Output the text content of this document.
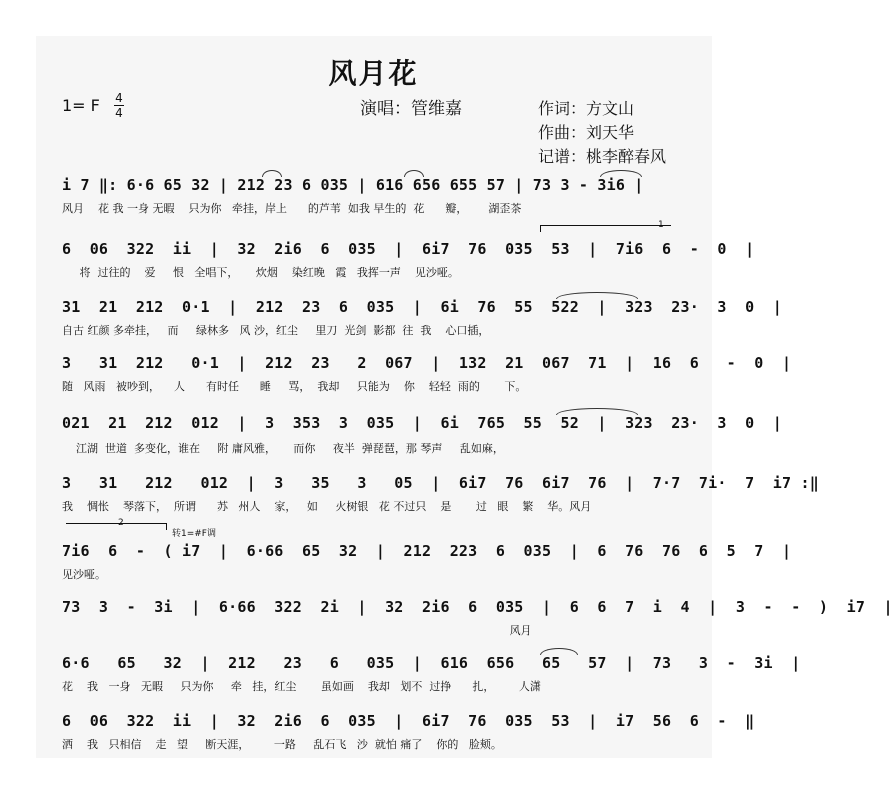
风月花
1= F 4
4	演唱：管维嘉	作词：方文山
作曲：刘天华
记谱：桃李醉春风
i 7 ‖: 6·6 65 32 | 212 23 6 035 | 616 656 655 57 | 73 3 - 3i6 |
风月    花 我 一身 无暇    只为你   牵挂，岸上      的芦苇  如我 早生的  花      瓣，      湖歪茶
1
6  06  322  ii  |  32  2i6  6  035  |  6i7  76  035  53  |  7i6  6  -  0  |
将  过往的    爱     恨   全唱下，     炊烟    染红晚   霞   我挥一声    见沙哑。
31  21  212  0·1  |  212  23  6  035  |  6i  76  55  522  |  323  23·  3  0  |
自古 红颜 多牵挂，   而     绿林多   风 沙，红尘     里刀  光剑  影都  往  我    心口插，
3   31  212   0·1  |  212  23   2  067  |  132  21  067  71  |  16  6   -  0  |
随   风雨   被吵到，    人      有时任      睡     骂，  我却     只能为    你    轻轻  雨的       下。
021  21  212  012  |  3  353  3  035  |  6i  765  55  52  |  323  23·  3  0  |
江湖  世道  多变化，谁在     附 庸风雅，     而你     夜半  弹琵琶，那 琴声     乱如麻，
3   31   212   012  |  3   35   3   05  |  6i7  76  6i7  76  |  7·7  7i·  7  i7 :‖
我    惆怅    琴落下，  所谓      苏   州人    家，   如     火树银   花 不过只    是       过   眼    繁    华。风月
2
转1=#F调
7i6  6  -  ( i7  |  6·66  65  32  |  212  223  6  035  |  6  76  76  6  5  7  |
见沙哑。
73  3  -  3i  |  6·66  322  2i  |  32  2i6  6  035  |  6  6  7  i  4  |  3  -  -  )  i7  |
风月
6·6   65   32  |  212   23   6   035  |  616  656   65   57  |  73   3  -  3i  |
花    我   一身   无暇     只为你     牵   挂，红尘       虽如画    我却   划不  过挣      扎，       人潇
6  06  322  ii  |  32  2i6  6  035  |  6i7  76  035  53  |  i7  56  6  -  ‖
洒    我   只相信    走   望     断天涯，       一路     乱石飞   沙  就怕 痛了    你的   脸颊。
